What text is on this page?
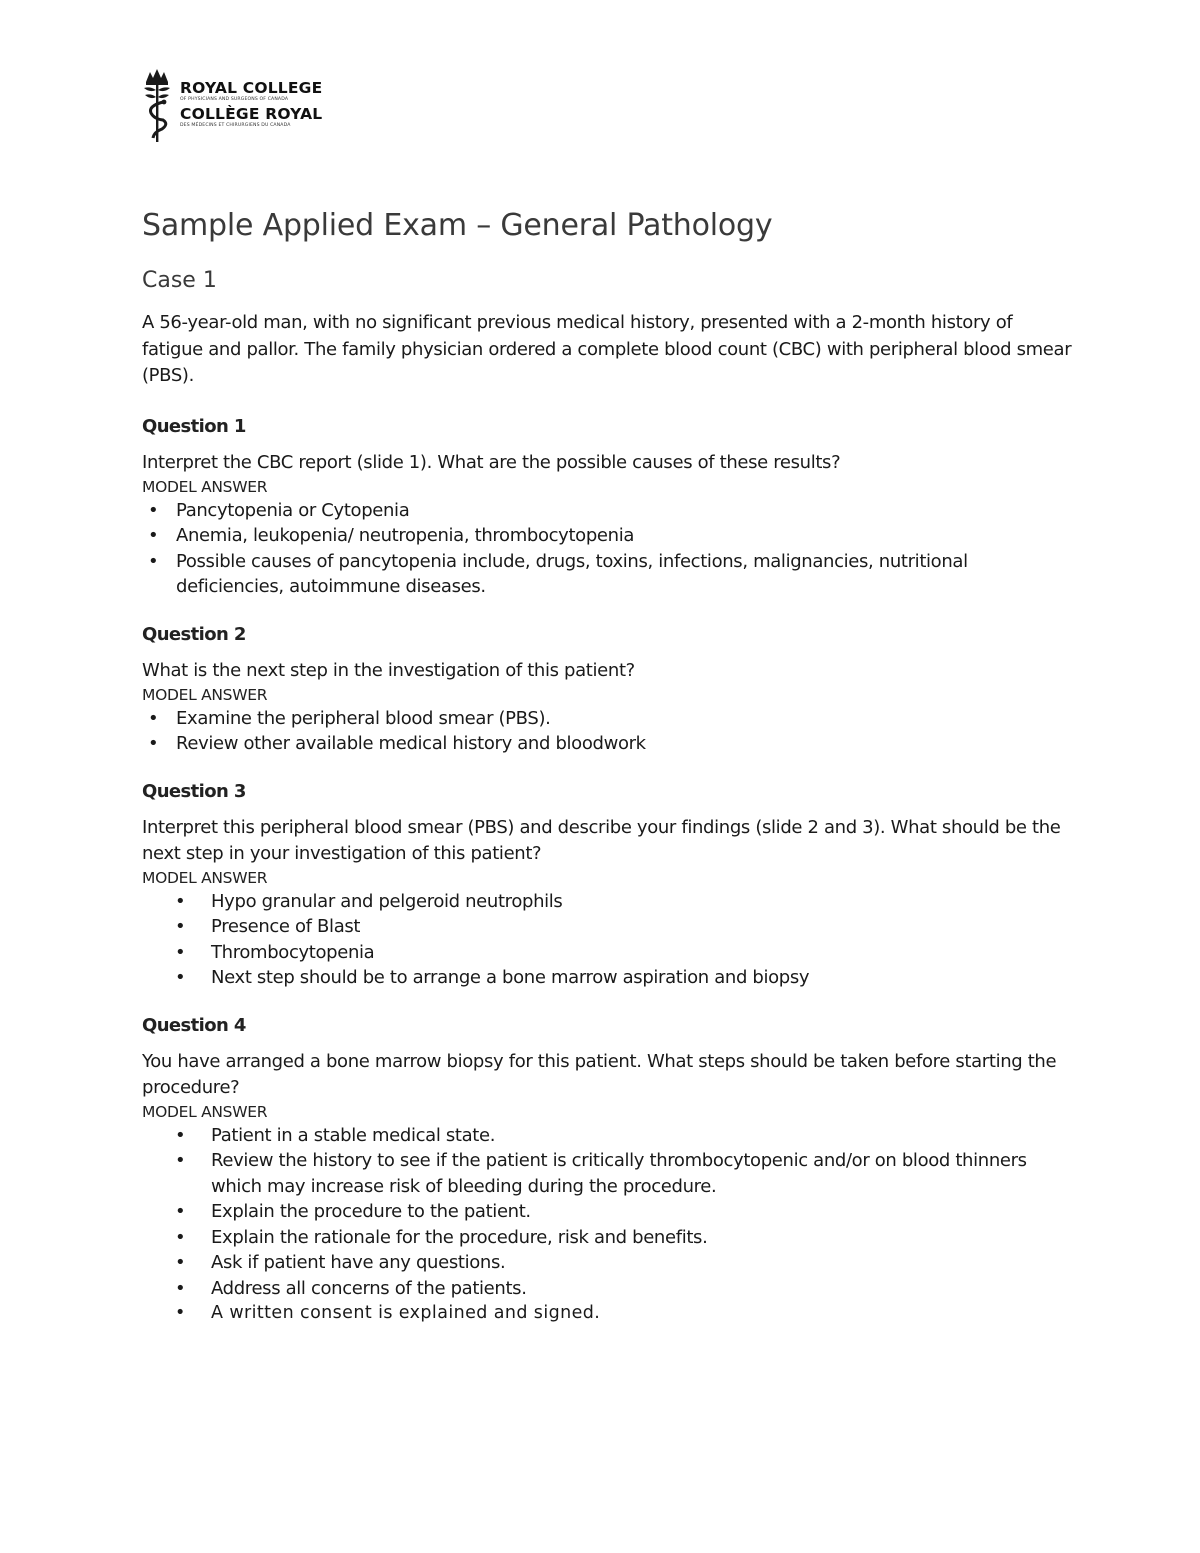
ROYAL COLLEGE
OF PHYSICIANS AND SURGEONS OF CANADA
COLLÈGE ROYAL
DES MÉDECINS ET CHIRURGIENS DU CANADA
Sample Applied Exam – General Pathology
Case 1

A 56-year-old man, with no significant previous medical history, presented with a 2-month history of fatigue and pallor. The family physician ordered a complete blood count (CBC) with peripheral blood smear (PBS).

Question 1
Interpret the CBC report (slide 1). What are the possible causes of these results?
MODEL ANSWER
• Pancytopenia or Cytopenia
• Anemia, leukopenia/ neutropenia, thrombocytopenia
• Possible causes of pancytopenia include, drugs, toxins, infections, malignancies, nutritional deficiencies, autoimmune diseases.
Question 2
What is the next step in the investigation of this patient?
MODEL ANSWER
• Examine the peripheral blood smear (PBS).
• Review other available medical history and bloodwork
Question 3
Interpret this peripheral blood smear (PBS) and describe your findings (slide 2 and 3). What should be the next step in your investigation of this patient?
MODEL ANSWER
• Hypo granular and pelgeroid neutrophils
• Presence of Blast
• Thrombocytopenia
• Next step should be to arrange a bone marrow aspiration and biopsy
Question 4
You have arranged a bone marrow biopsy for this patient. What steps should be taken before starting the procedure?
MODEL ANSWER
• Patient in a stable medical state.
• Review the history to see if the patient is critically thrombocytopenic and/or on blood thinners which may increase risk of bleeding during the procedure.
• Explain the procedure to the patient.
• Explain the rationale for the procedure, risk and benefits.
• Ask if patient have any questions.
• Address all concerns of the patients.
• A written consent is explained and signed.
